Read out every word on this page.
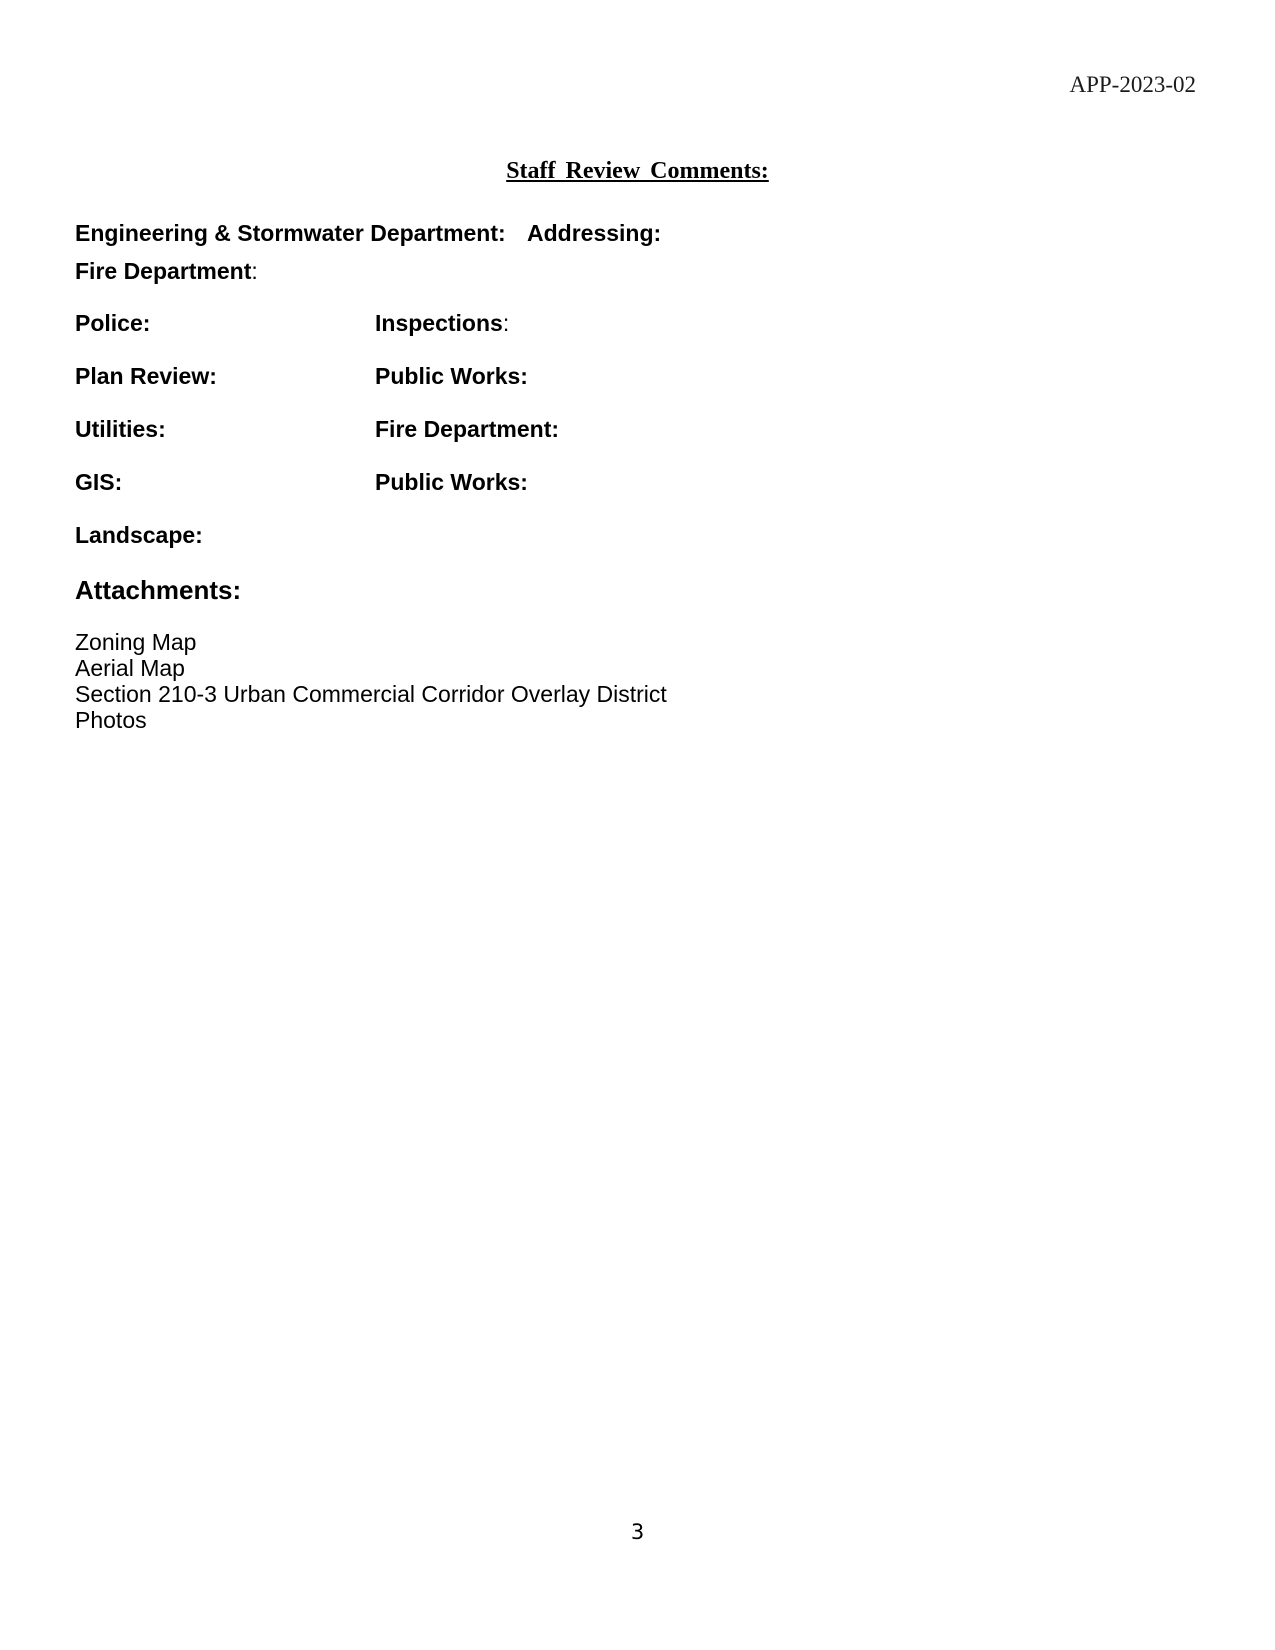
APP-2023-02
Staff Review Comments:
Engineering & Stormwater Department: Addressing:
Fire Department:
Police:	Inspections:
Plan Review:	Public Works:
Utilities:	Fire Department:
GIS:	Public Works:
Landscape:
Attachments:
Zoning Map
Aerial Map
Section 210-3 Urban Commercial Corridor Overlay District
Photos
3
